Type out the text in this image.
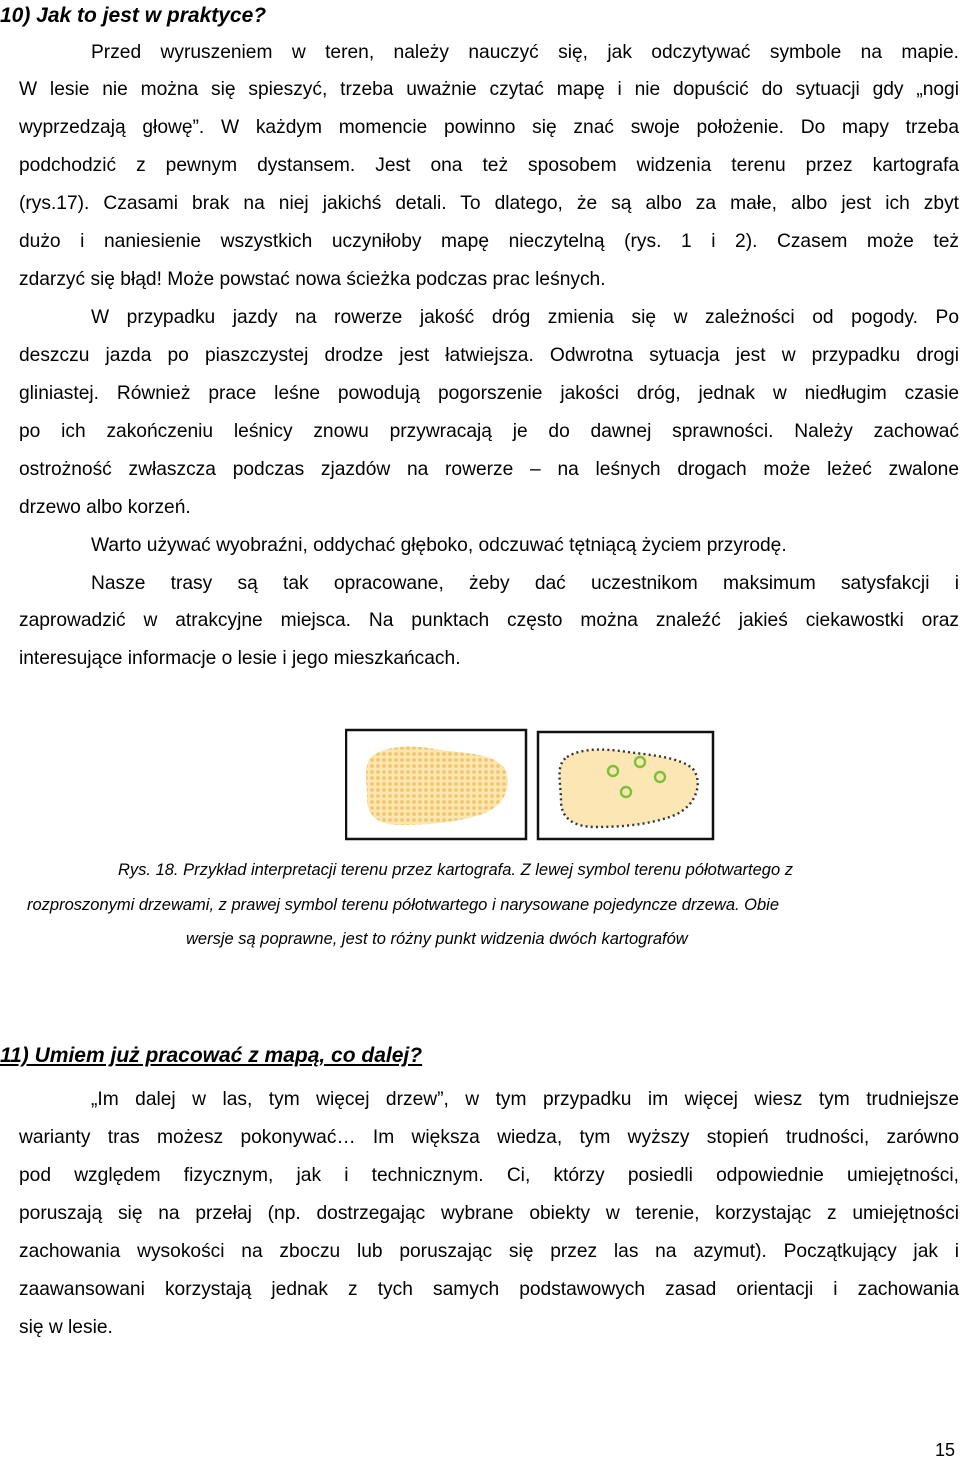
10) Jak to jest w praktyce?
Przed wyruszeniem w teren, należy nauczyć się, jak odczytywać symbole na mapie.
W lesie nie można się spieszyć, trzeba uważnie czytać mapę i nie dopuścić do sytuacji gdy „nogi
wyprzedzają głowę”. W każdym momencie powinno się znać swoje położenie. Do mapy trzeba
podchodzić z pewnym dystansem. Jest ona też sposobem widzenia terenu przez kartografa
(rys.17). Czasami brak na niej jakichś detali. To dlatego, że są albo za małe, albo jest ich zbyt
dużo i naniesienie wszystkich uczyniłoby mapę nieczytelną (rys. 1 i 2). Czasem może też
zdarzyć się błąd! Może powstać nowa ścieżka podczas prac leśnych.
W przypadku jazdy na rowerze jakość dróg zmienia się w zależności od pogody. Po
deszczu jazda po piaszczystej drodze jest łatwiejsza. Odwrotna sytuacja jest w przypadku drogi
gliniastej. Również prace leśne powodują pogorszenie jakości dróg, jednak w niedługim czasie
po ich zakończeniu leśnicy znowu przywracają je do dawnej sprawności. Należy zachować
ostrożność zwłaszcza podczas zjazdów na rowerze – na leśnych drogach może leżeć zwalone
drzewo albo korzeń.
Warto używać wyobraźni, oddychać głęboko, odczuwać tętniącą życiem przyrodę.
Nasze trasy są tak opracowane, żeby dać uczestnikom maksimum satysfakcji i
zaprowadzić w atrakcyjne miejsca. Na punktach często można znaleźć jakieś ciekawostki oraz
interesujące informacje o lesie i jego mieszkańcach.
Rys. 18. Przykład interpretacji terenu przez kartografa. Z lewej symbol terenu półotwartego z
rozproszonymi drzewami, z prawej symbol terenu półotwartego i narysowane pojedyncze drzewa. Obie
wersje są poprawne, jest to różny punkt widzenia dwóch kartografów
11) Umiem już pracować z mapą, co dalej?
„Im dalej w las, tym więcej drzew”, w tym przypadku im więcej wiesz tym trudniejsze
warianty tras możesz pokonywać… Im większa wiedza, tym wyższy stopień trudności, zarówno
pod względem fizycznym, jak i technicznym. Ci, którzy posiedli odpowiednie umiejętności,
poruszają się na przełaj (np. dostrzegając wybrane obiekty w terenie, korzystając z umiejętności
zachowania wysokości na zboczu lub poruszając się przez las na azymut). Początkujący jak i
zaawansowani korzystają jednak z tych samych podstawowych zasad orientacji i zachowania
się w lesie.
15
